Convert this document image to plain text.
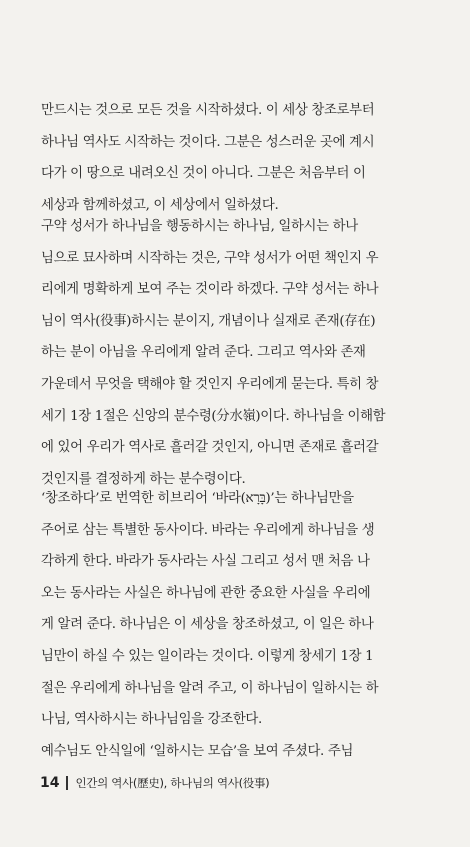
만드시는 것으로 모든 것을 시작하셨다. 이 세상 창조로부터
하나님 역사도 시작하는 것이다. 그분은 성스러운 곳에 계시
다가 이 땅으로 내려오신 것이 아니다. 그분은 처음부터 이
세상과 함께하셨고, 이 세상에서 일하셨다.
구약 성서가 하나님을 행동하시는 하나님, 일하시는 하나
님으로 묘사하며 시작하는 것은, 구약 성서가 어떤 책인지 우
리에게 명확하게 보여 주는 것이라 하겠다. 구약 성서는 하나
님이 역사(役事)하시는 분이지, 개념이나 실재로 존재(存在)
하는 분이 아님을 우리에게 알려 준다. 그리고 역사와 존재
가운데서 무엇을 택해야 할 것인지 우리에게 묻는다. 특히 창
세기 1장 1절은 신앙의 분수령(分水嶺)이다. 하나님을 이해함
에 있어 우리가 역사로 흘러갈 것인지, 아니면 존재로 흘러갈
것인지를 결정하게 하는 분수령이다.
‘창조하다’로 번역한 히브리어 ‘바라(בָּרָא)’는 하나님만을
주어로 삼는 특별한 동사이다. 바라는 우리에게 하나님을 생
각하게 한다. 바라가 동사라는 사실 그리고 성서 맨 처음 나
오는 동사라는 사실은 하나님에 관한 중요한 사실을 우리에
게 알려 준다. 하나님은 이 세상을 창조하셨고, 이 일은 하나
님만이 하실 수 있는 일이라는 것이다. 이렇게 창세기 1장 1
절은 우리에게 하나님을 알려 주고, 이 하나님이 일하시는 하
나님, 역사하시는 하나님임을 강조한다.
예수님도 안식일에 ‘일하시는 모습’을 보여 주셨다. 주님
14 인간의 역사(歷史), 하나님의 역사(役事)
